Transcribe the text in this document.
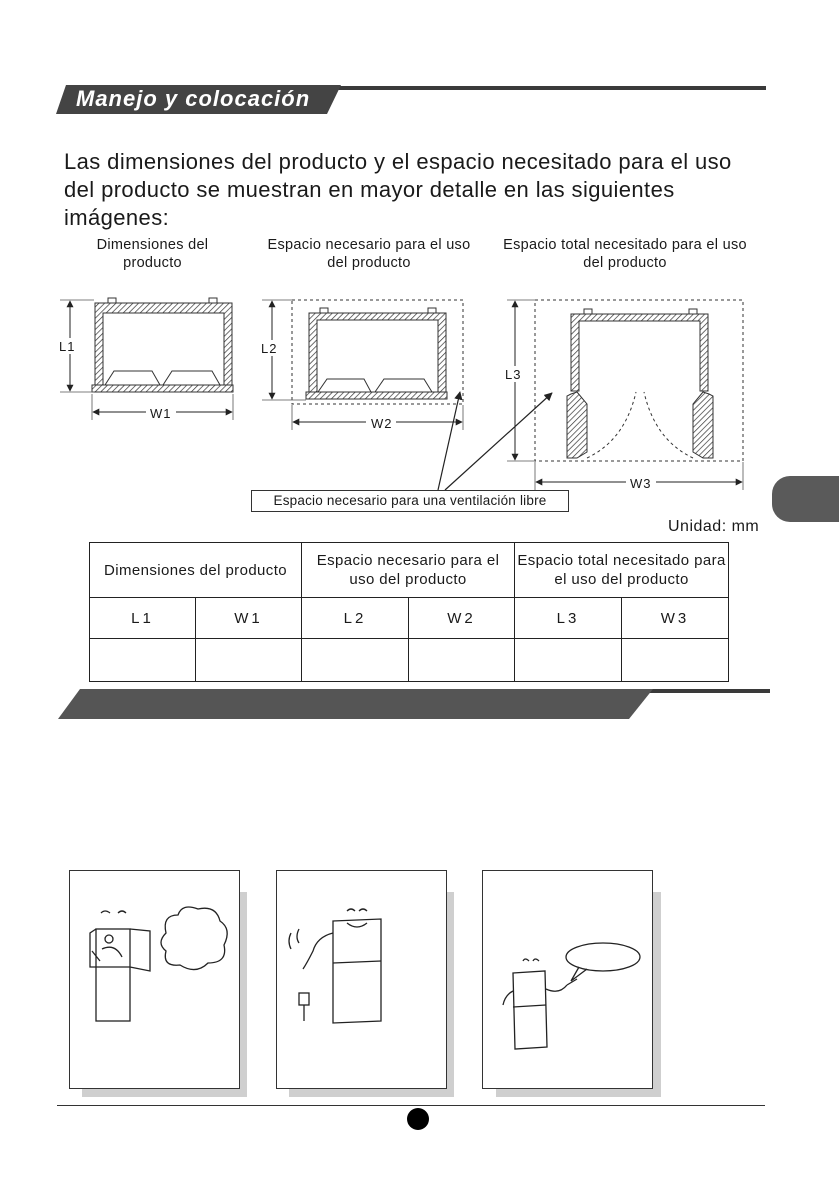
Manejo y colocación

Las dimensiones del producto y el espacio necesitado para el uso del producto se muestran en mayor detalle en las siguientes imágenes:

Dimensiones del producto
Espacio necesario para el uso del producto
Espacio total necesitado para el uso del producto
L1
W1
L2
W2
L3
W3
Espacio necesario para una ventilación libre
Unidad: mm
Dimensiones del producto		Espacio necesario para el uso del producto		Espacio total necesitado para el uso del producto	
L1	W1	L2	W2	L3	W3
